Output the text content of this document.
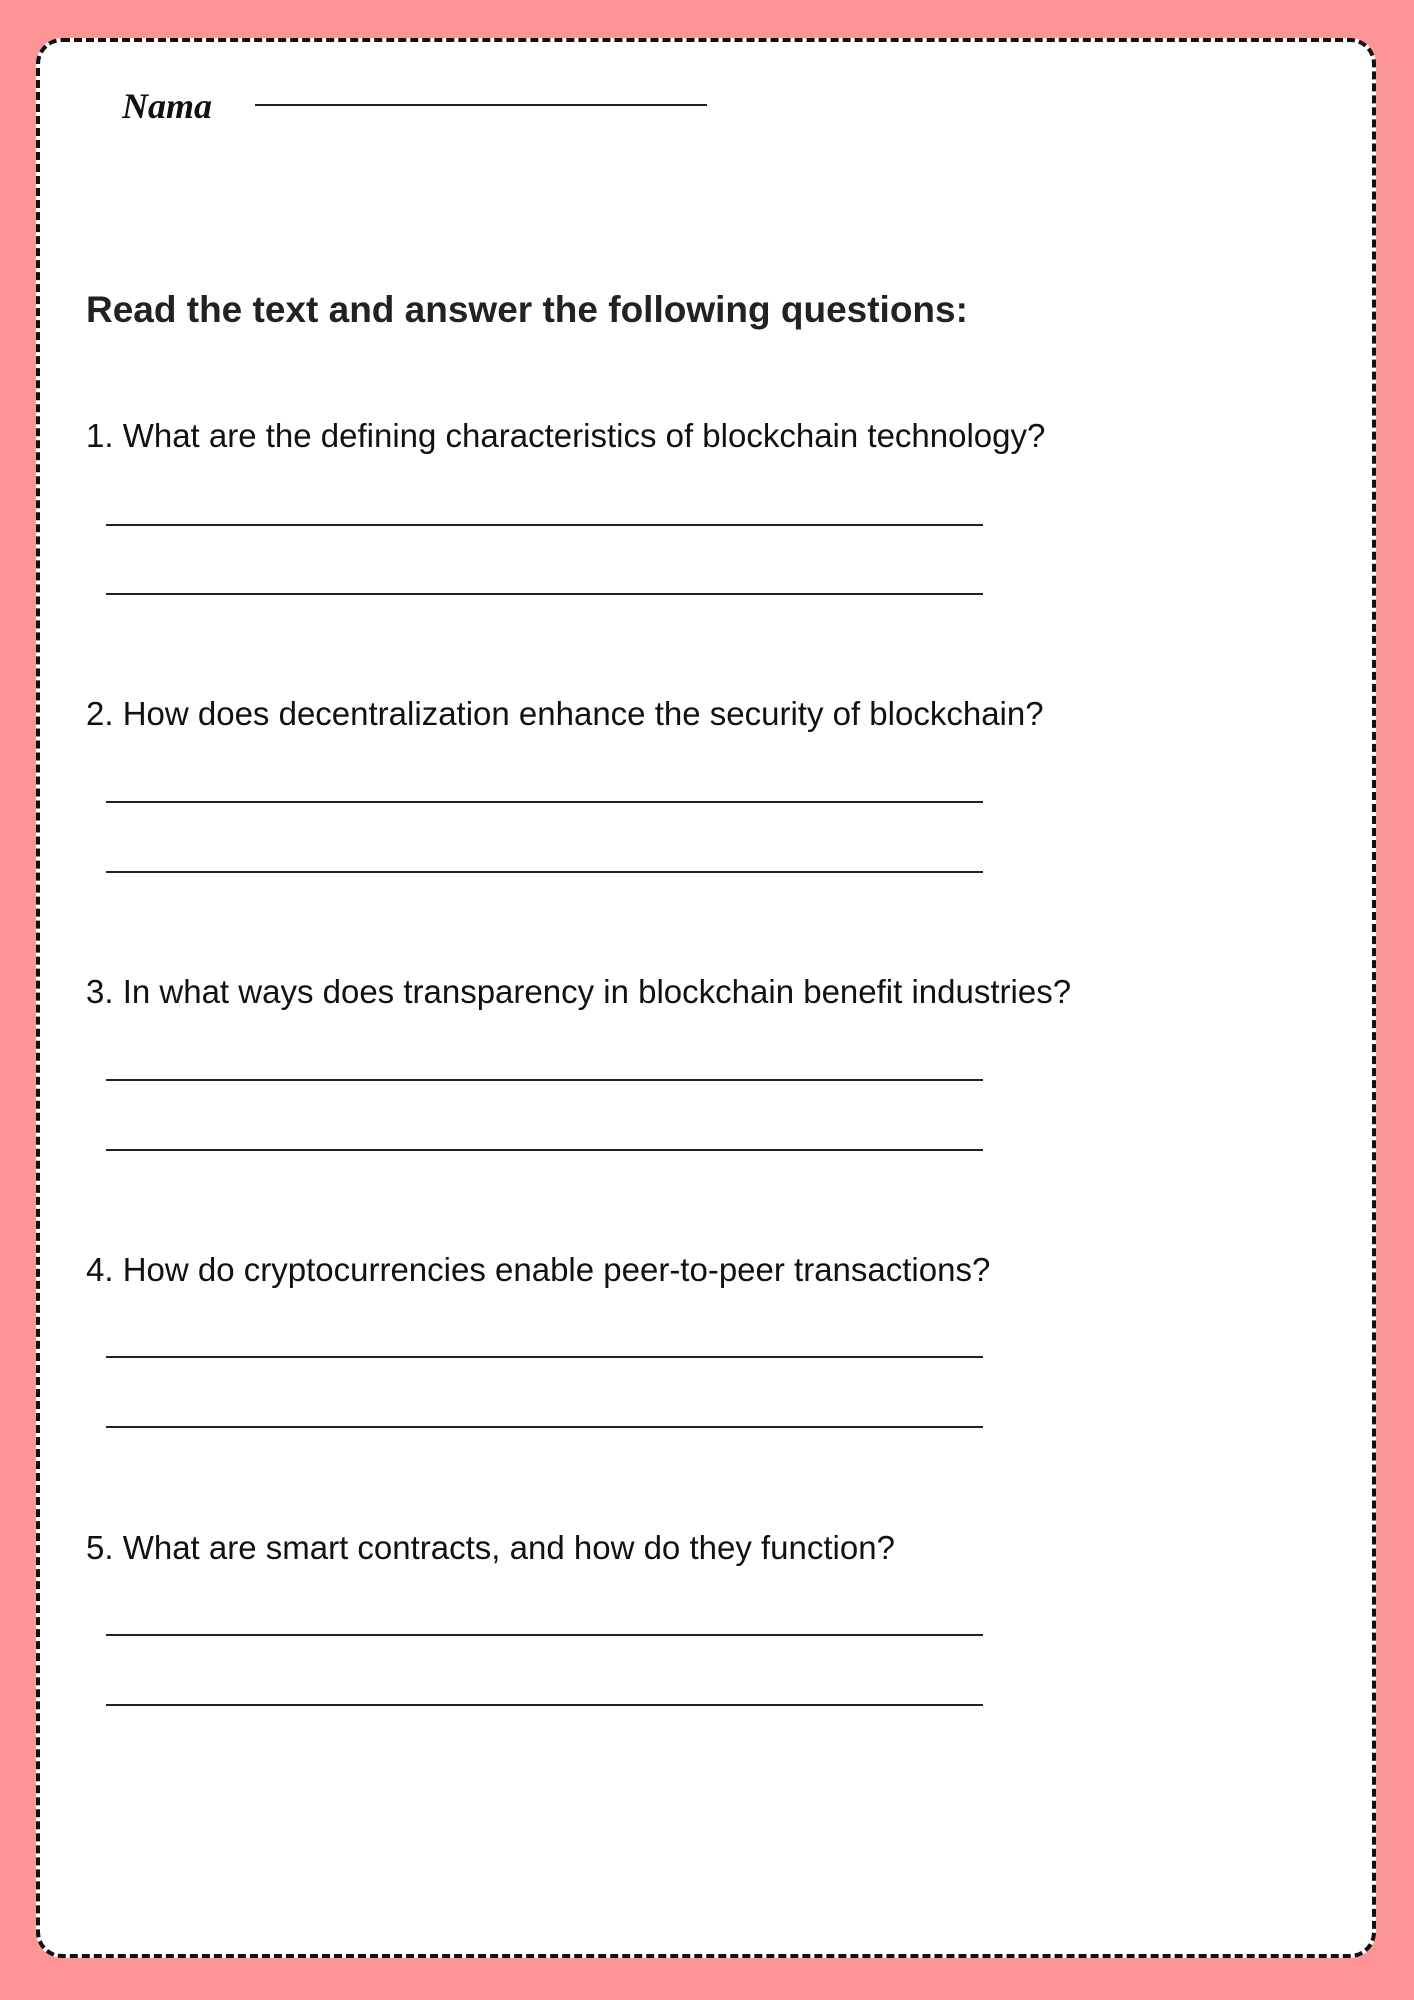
Nama
Read the text and answer the following questions:

1. What are the defining characteristics of blockchain technology?

2. How does decentralization enhance the security of blockchain?

3. In what ways does transparency in blockchain benefit industries?

4. How do cryptocurrencies enable peer-to-peer transactions?

5. What are smart contracts, and how do they function?
